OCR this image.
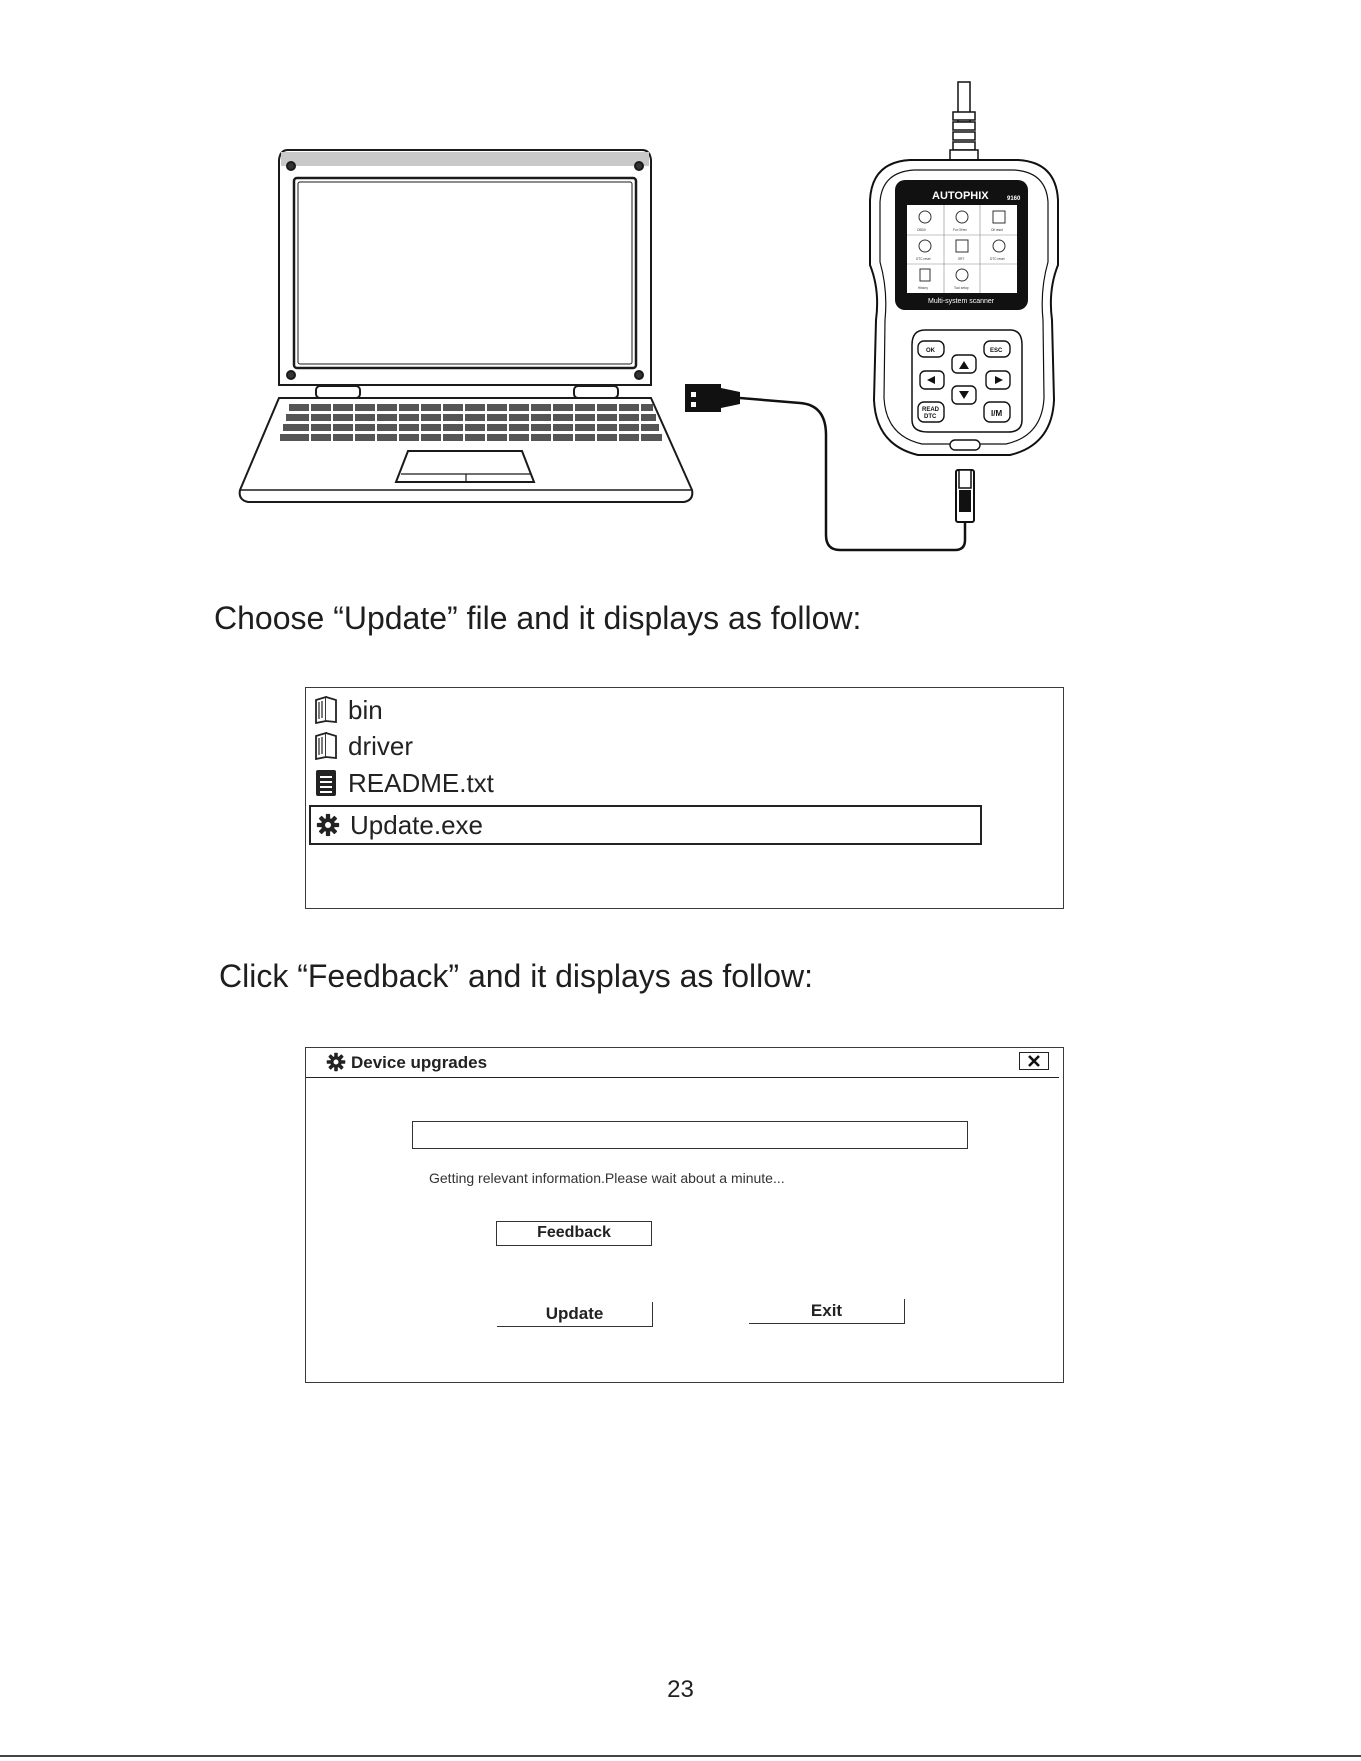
AUTOPHIX	9160
OBDII	For OHex	Oil reset
DTC reset	SRT	DTC reset
History	Tool setup
Multi-system scanner
OK	ESC
READ
DTC	I/M
Choose “Update” file and it displays as follow:
bin
driver
README.txt
Update.exe
Click “Feedback” and it displays as follow:
Device upgrades
Getting relevant information.Please wait about a minute...
Feedback
Update	Exit
23
